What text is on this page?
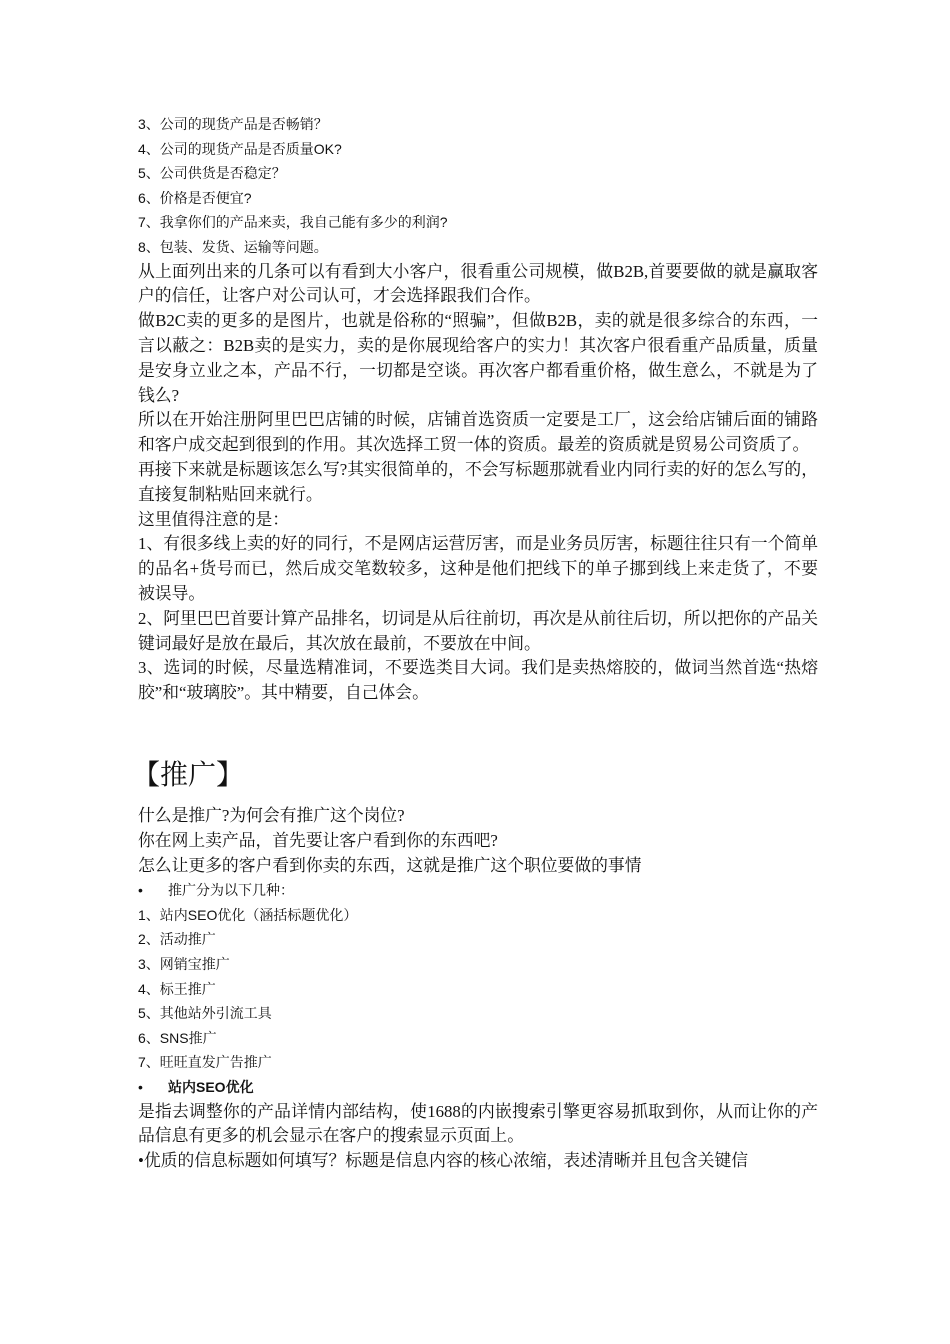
3、公司的现货产品是否畅销？
4、公司的现货产品是否质量OK?
5、公司供货是否稳定？
6、价格是否便宜?
7、我拿你们的产品来卖，我自己能有多少的利润?
8、包装、发货、运输等问题。
从上面列出来的几条可以有看到大小客户，很看重公司规模，做B2B,首要要做的就是赢取客户的信任，让客户对公司认可，才会选择跟我们合作。
做B2C卖的更多的是图片，也就是俗称的“照骗”，但做B2B，卖的就是很多综合的东西，一言以蔽之：B2B卖的是实力，卖的是你展现给客户的实力！其次客户很看重产品质量，质量是安身立业之本，产品不行，一切都是空谈。再次客户都看重价格，做生意么，不就是为了钱么?
所以在开始注册阿里巴巴店铺的时候，店铺首选资质一定要是工厂，这会给店铺后面的铺路和客户成交起到很到的作用。其次选择工贸一体的资质。最差的资质就是贸易公司资质了。
再接下来就是标题该怎么写?其实很简单的，不会写标题那就看业内同行卖的好的怎么写的，直接复制粘贴回来就行。
这里值得注意的是：
1、有很多线上卖的好的同行，不是网店运营厉害，而是业务员厉害，标题往往只有一个简单的品名+货号而已，然后成交笔数较多，这种是他们把线下的单子挪到线上来走货了，不要被误导。
2、阿里巴巴首要计算产品排名，切词是从后往前切，再次是从前往后切，所以把你的产品关键词最好是放在最后，其次放在最前，不要放在中间。
3、选词的时候，尽量选精准词，不要选类目大词。我们是卖热熔胶的，做词当然首选“热熔胶”和“玻璃胶”。其中精要，自己体会。
【推广】
什么是推广?为何会有推广这个岗位?
你在网上卖产品，首先要让客户看到你的东西吧?
怎么让更多的客户看到你卖的东西，这就是推广这个职位要做的事情
• 推广分为以下几种：
1、站内SEO优化（涵括标题优化）
2、活动推广
3、网销宝推广
4、标王推广
5、其他站外引流工具
6、SNS推广
7、旺旺直发广告推广
• 站内SEO优化
是指去调整你的产品详情内部结构，使1688的内嵌搜索引擎更容易抓取到你，从而让你的产品信息有更多的机会显示在客户的搜索显示页面上。
•优质的信息标题如何填写？标题是信息内容的核心浓缩，表述清晰并且包含关键信
